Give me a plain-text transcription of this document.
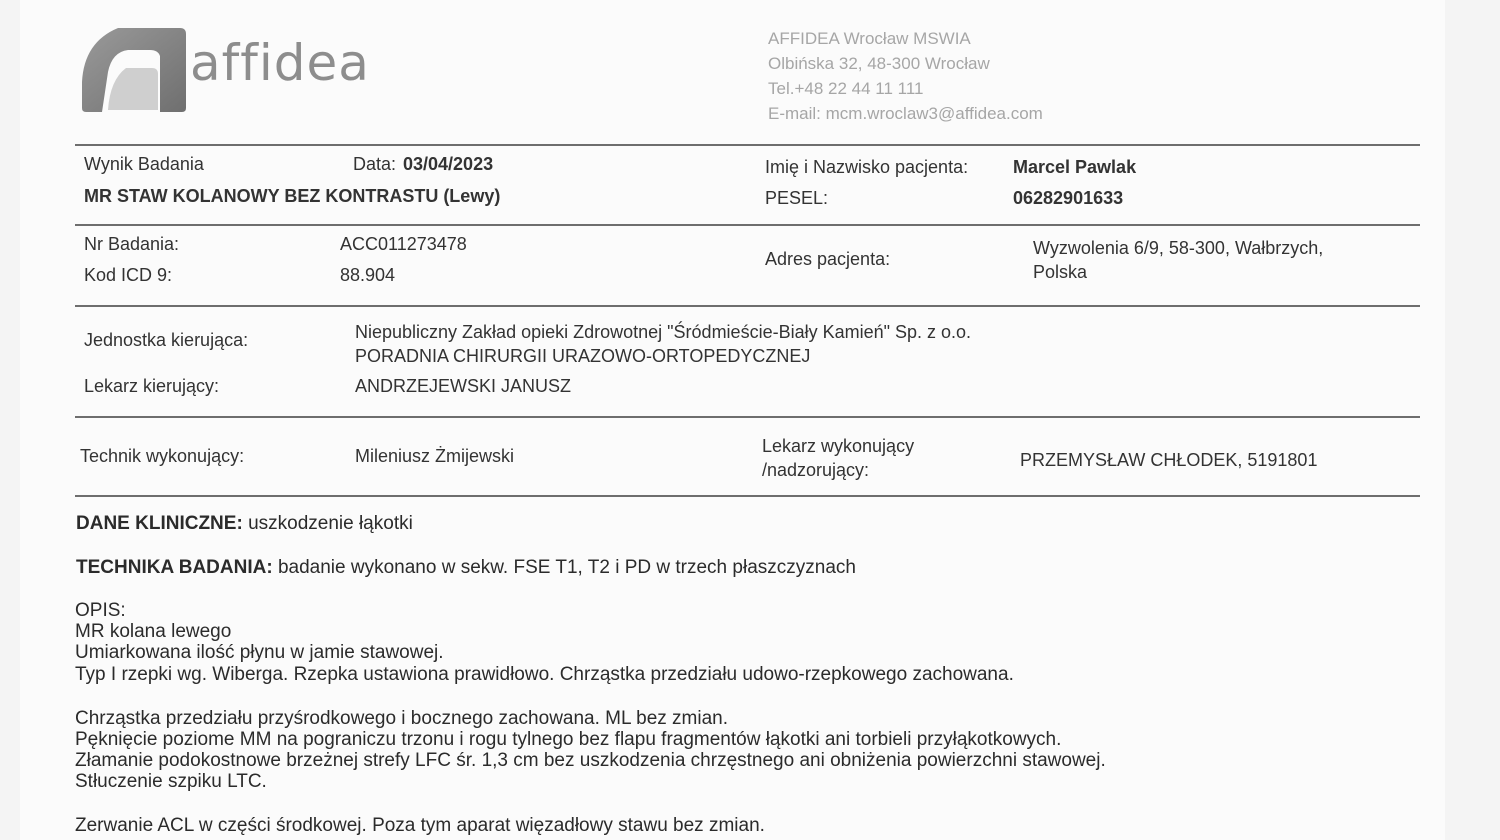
affidea	AFFIDEA Wrocław MSWIA
Olbińska 32, 48-300 Wrocław
Tel.+48 22 44 11 111
E-mail: mcm.wroclaw3@affidea.com
Wynik Badania	Data: 03/04/2023
MR STAW KOLANOWY BEZ KONTRASTU (Lewy)
Imię i Nazwisko pacjenta: Marcel Pawlak
PESEL:	06282901633
Nr Badania:	ACC011273478
Kod ICD 9:	88.904
Adres pacjenta:
Wyzwolenia 6/9, 58-300, Wałbrzych,
Polska
Jednostka kierująca:	Niepubliczny Zakład opieki Zdrowotnej "Śródmieście-Biały Kamień" Sp. z o.o.
PORADNIA CHIRURGII URAZOWO-ORTOPEDYCZNEJ
Lekarz kierujący:	ANDRZEJEWSKI JANUSZ
Technik wykonujący:	Mileniusz Żmijewski	Lekarz wykonujący
/nadzorujący:	PRZEMYSŁAW CHŁODEK, 5191801
DANE KLINICZNE: uszkodzenie łąkotki
TECHNIKA BADANIA: badanie wykonano w sekw. FSE T1, T2 i PD w trzech płaszczyznach
OPIS:
MR kolana lewego
Umiarkowana ilość płynu w jamie stawowej.
Typ I rzepki wg. Wiberga. Rzepka ustawiona prawidłowo. Chrząstka przedziału udowo-rzepkowego zachowana.
Chrząstka przedziału przyśrodkowego i bocznego zachowana. ML bez zmian.
Pęknięcie poziome MM na pograniczu trzonu i rogu tylnego bez flapu fragmentów łąkotki ani torbieli przyłąkotkowych.
Złamanie podokostnowe brzeżnej strefy LFC śr. 1,3 cm bez uszkodzenia chrzęstnego ani obniżenia powierzchni stawowej.
Stłuczenie szpiku LTC.
Zerwanie ACL w części środkowej. Poza tym aparat więzadłowy stawu bez zmian.
